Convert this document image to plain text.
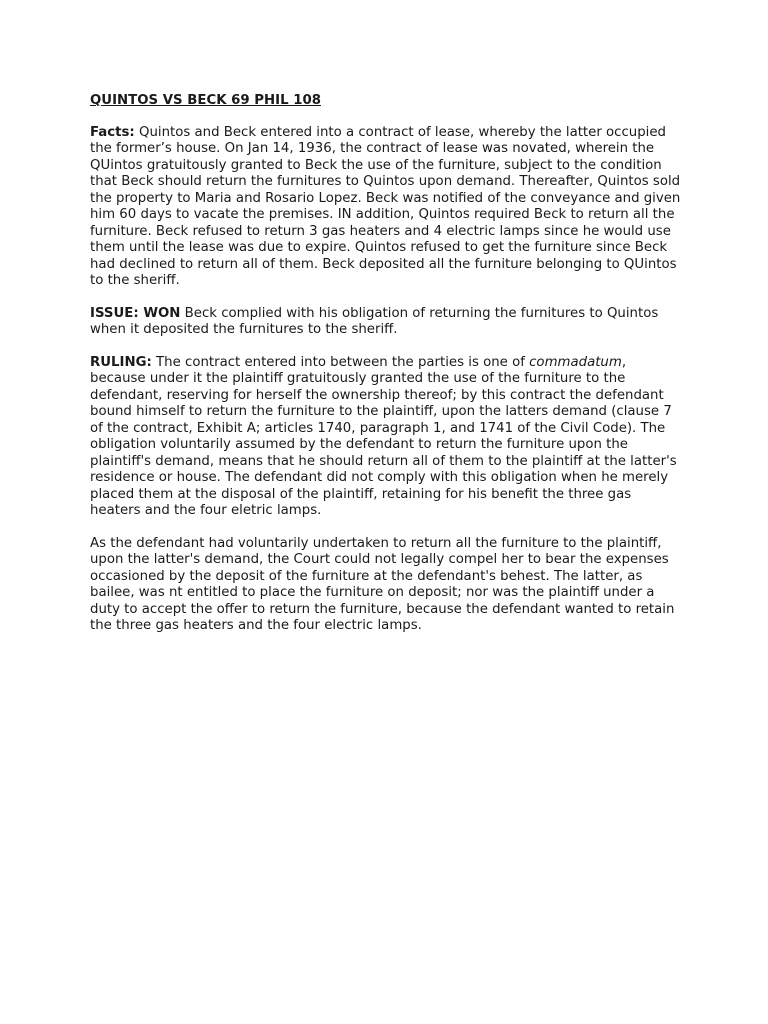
QUINTOS VS BECK 69 PHIL 108

Facts: Quintos and Beck entered into a contract of lease, whereby the latter occupied the former’s house. On Jan 14, 1936, the contract of lease was novated, wherein the QUintos gratuitously granted to Beck the use of the furniture, subject to the condition that Beck should return the furnitures to Quintos upon demand. Thereafter, Quintos sold the property to Maria and Rosario Lopez. Beck was notified of the conveyance and given him 60 days to vacate the premises. IN addition, Quintos required Beck to return all the furniture. Beck refused to return 3 gas heaters and 4 electric lamps since he would use them until the lease was due to expire. Quintos refused to get the furniture since Beck had declined to return all of them. Beck deposited all the furniture belonging to QUintos to the sheriff.

ISSUE: WON Beck complied with his obligation of returning the furnitures to Quintos when it deposited the furnitures to the sheriff.

RULING: The contract entered into between the parties is one of commadatum, because under it the plaintiff gratuitously granted the use of the furniture to the defendant, reserving for herself the ownership thereof; by this contract the defendant bound himself to return the furniture to the plaintiff, upon the latters demand (clause 7 of the contract, Exhibit A; articles 1740, paragraph 1, and 1741 of the Civil Code). The obligation voluntarily assumed by the defendant to return the furniture upon the plaintiff's demand, means that he should return all of them to the plaintiff at the latter's residence or house. The defendant did not comply with this obligation when he merely placed them at the disposal of the plaintiff, retaining for his benefit the three gas heaters and the four eletric lamps.

As the defendant had voluntarily undertaken to return all the furniture to the plaintiff, upon the latter's demand, the Court could not legally compel her to bear the expenses occasioned by the deposit of the furniture at the defendant's behest. The latter, as bailee, was nt entitled to place the furniture on deposit; nor was the plaintiff under a duty to accept the offer to return the furniture, because the defendant wanted to retain the three gas heaters and the four electric lamps.
